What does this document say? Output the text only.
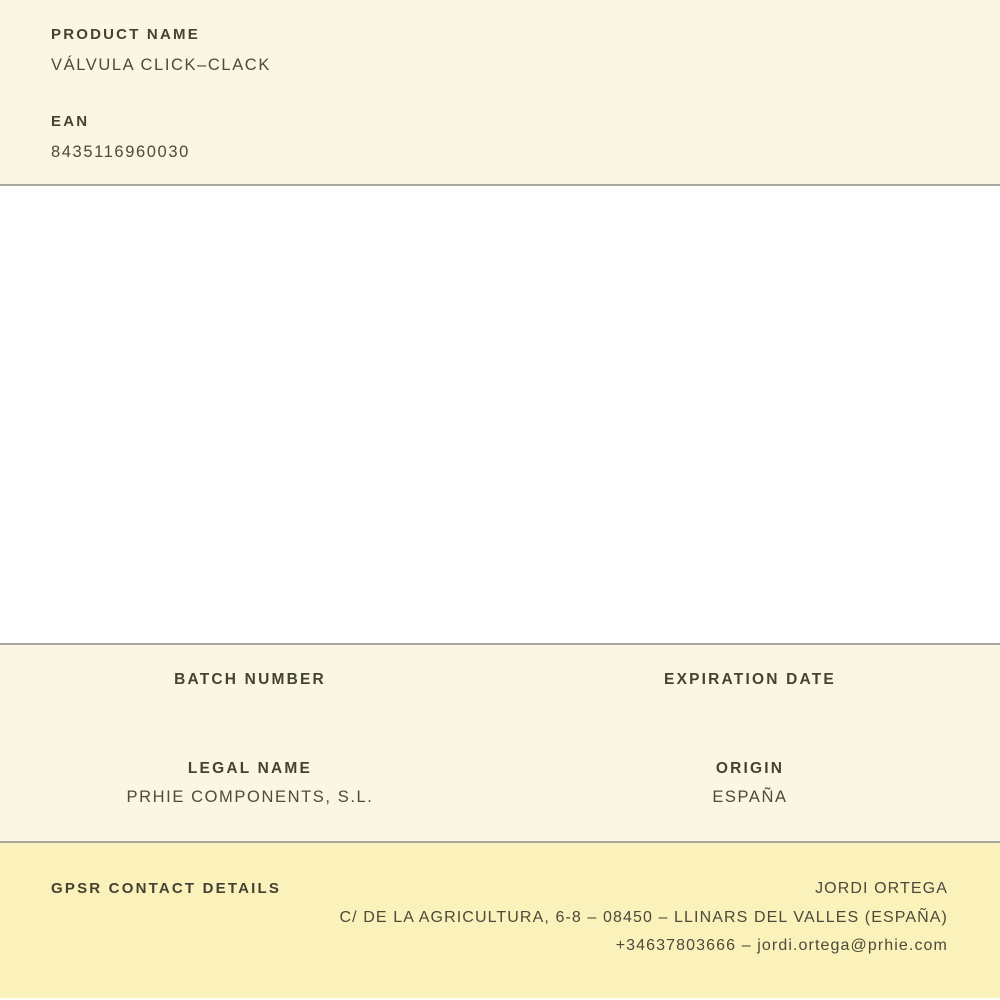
PRODUCT NAME
VÁLVULA CLICK–CLACK
EAN
8435116960030
BATCH NUMBER	EXPIRATION DATE
LEGAL NAME
PRHIE COMPONENTS, S.L.
ORIGIN
ESPAÑA
GPSR CONTACT DETAILS	JORDI ORTEGA
C/ DE LA AGRICULTURA, 6-8 – 08450 – LLINARS DEL VALLES (ESPAÑA)
+34637803666 – jordi.ortega@prhie.com
